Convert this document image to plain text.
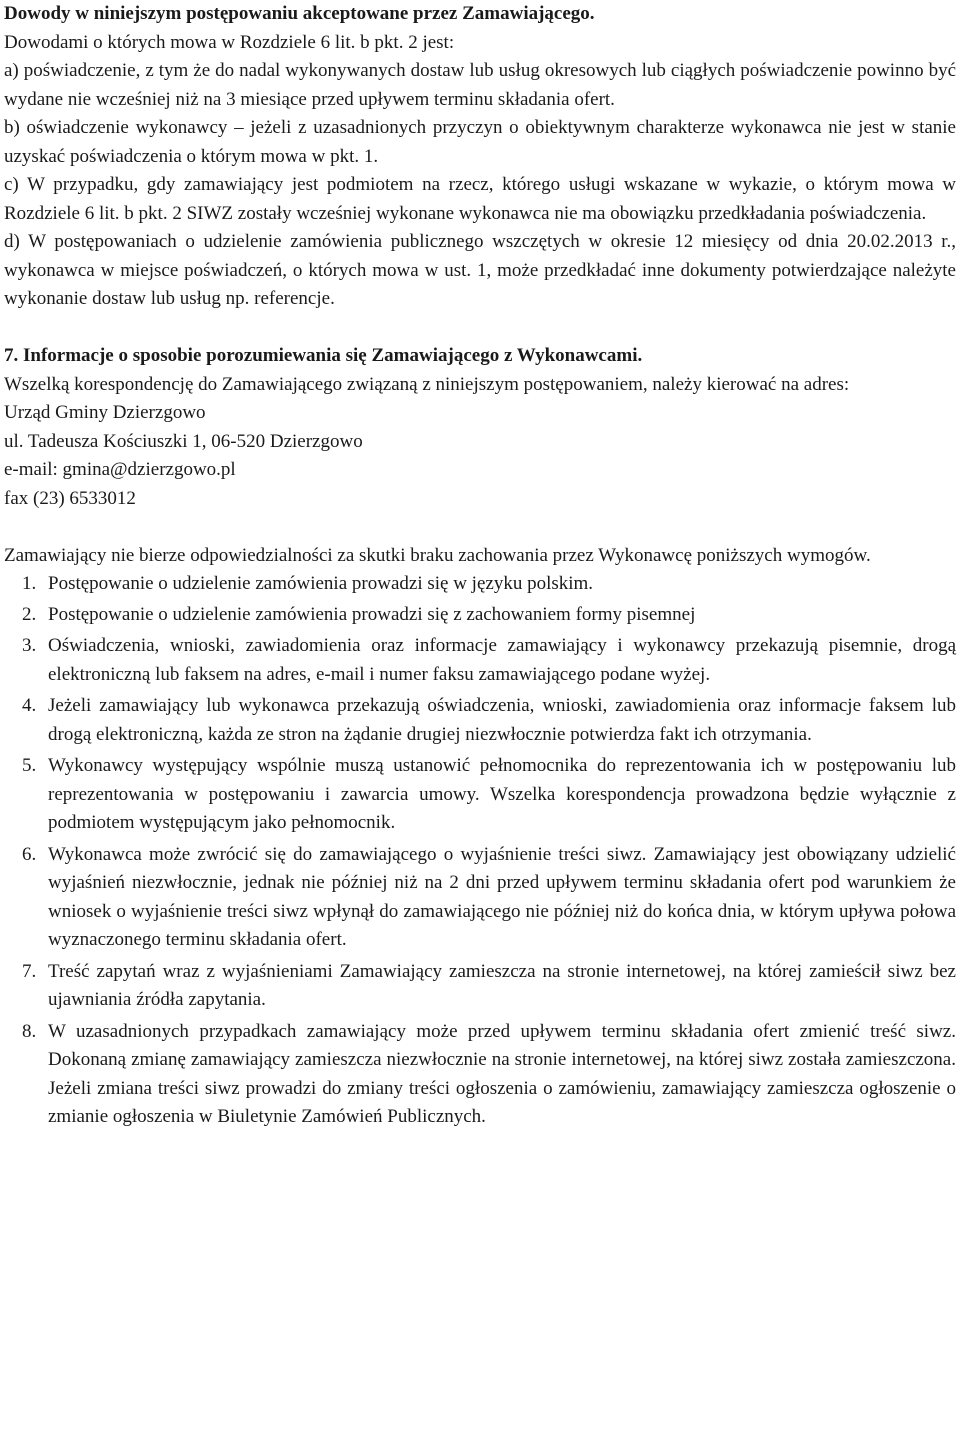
Dowody w niniejszym postępowaniu akceptowane przez Zamawiającego.

Dowodami o których mowa w Rozdziele 6 lit. b pkt. 2 jest:

a) poświadczenie, z tym że do nadal wykonywanych dostaw lub usług okresowych lub ciągłych poświadczenie powinno być wydane nie wcześniej niż na 3 miesiące przed upływem terminu składania ofert.

b) oświadczenie wykonawcy – jeżeli z uzasadnionych przyczyn o obiektywnym charakterze wykonawca nie jest w stanie uzyskać poświadczenia o którym mowa w pkt. 1.

c) W przypadku, gdy zamawiający jest podmiotem na rzecz, którego usługi wskazane w wykazie, o którym mowa w Rozdziele 6 lit. b pkt. 2 SIWZ zostały wcześniej wykonane wykonawca nie ma obowiązku przedkładania poświadczenia.

d) W postępowaniach o udzielenie zamówienia publicznego wszczętych w okresie 12 miesięcy od dnia 20.02.2013 r., wykonawca w miejsce poświadczeń, o których mowa w ust. 1, może przedkładać inne dokumenty potwierdzające należyte wykonanie dostaw lub usług np. referencje.

7. Informacje o sposobie porozumiewania się Zamawiającego z Wykonawcami.

Wszelką korespondencję do Zamawiającego związaną z niniejszym postępowaniem, należy kierować na adres:

Urząd Gminy Dzierzgowo

ul. Tadeusza Kościuszki 1, 06-520 Dzierzgowo

e-mail: gmina@dzierzgowo.pl

fax (23) 6533012

Zamawiający nie bierze odpowiedzialności za skutki braku zachowania przez Wykonawcę poniższych wymogów.

1. Postępowanie o udzielenie zamówienia prowadzi się w języku polskim.
2. Postępowanie o udzielenie zamówienia prowadzi się z zachowaniem formy pisemnej
3. Oświadczenia, wnioski, zawiadomienia oraz informacje zamawiający i wykonawcy przekazują pisemnie, drogą elektroniczną lub faksem na adres, e-mail i numer faksu zamawiającego podane wyżej.
4. Jeżeli zamawiający lub wykonawca przekazują oświadczenia, wnioski, zawiadomienia oraz informacje faksem lub drogą elektroniczną, każda ze stron na żądanie drugiej niezwłocznie potwierdza fakt ich otrzymania.
5. Wykonawcy występujący wspólnie muszą ustanowić pełnomocnika do reprezentowania ich w postępowaniu lub reprezentowania w postępowaniu i zawarcia umowy. Wszelka korespondencja prowadzona będzie wyłącznie z podmiotem występującym jako pełnomocnik.
6. Wykonawca może zwrócić się do zamawiającego o wyjaśnienie treści siwz. Zamawiający jest obowiązany udzielić wyjaśnień niezwłocznie, jednak nie później niż na 2 dni przed upływem terminu składania ofert pod warunkiem że wniosek o wyjaśnienie treści siwz wpłynął do zamawiającego nie później niż do końca dnia, w którym upływa połowa wyznaczonego terminu składania ofert.
7. Treść zapytań wraz z wyjaśnieniami Zamawiający zamieszcza na stronie internetowej, na której zamieścił siwz bez ujawniania źródła zapytania.
8. W uzasadnionych przypadkach zamawiający może przed upływem terminu składania ofert zmienić treść siwz. Dokonaną zmianę zamawiający zamieszcza niezwłocznie na stronie internetowej, na której siwz została zamieszczona. Jeżeli zmiana treści siwz prowadzi do zmiany treści ogłoszenia o zamówieniu, zamawiający zamieszcza ogłoszenie o zmianie ogłoszenia w Biuletynie Zamówień Publicznych.
